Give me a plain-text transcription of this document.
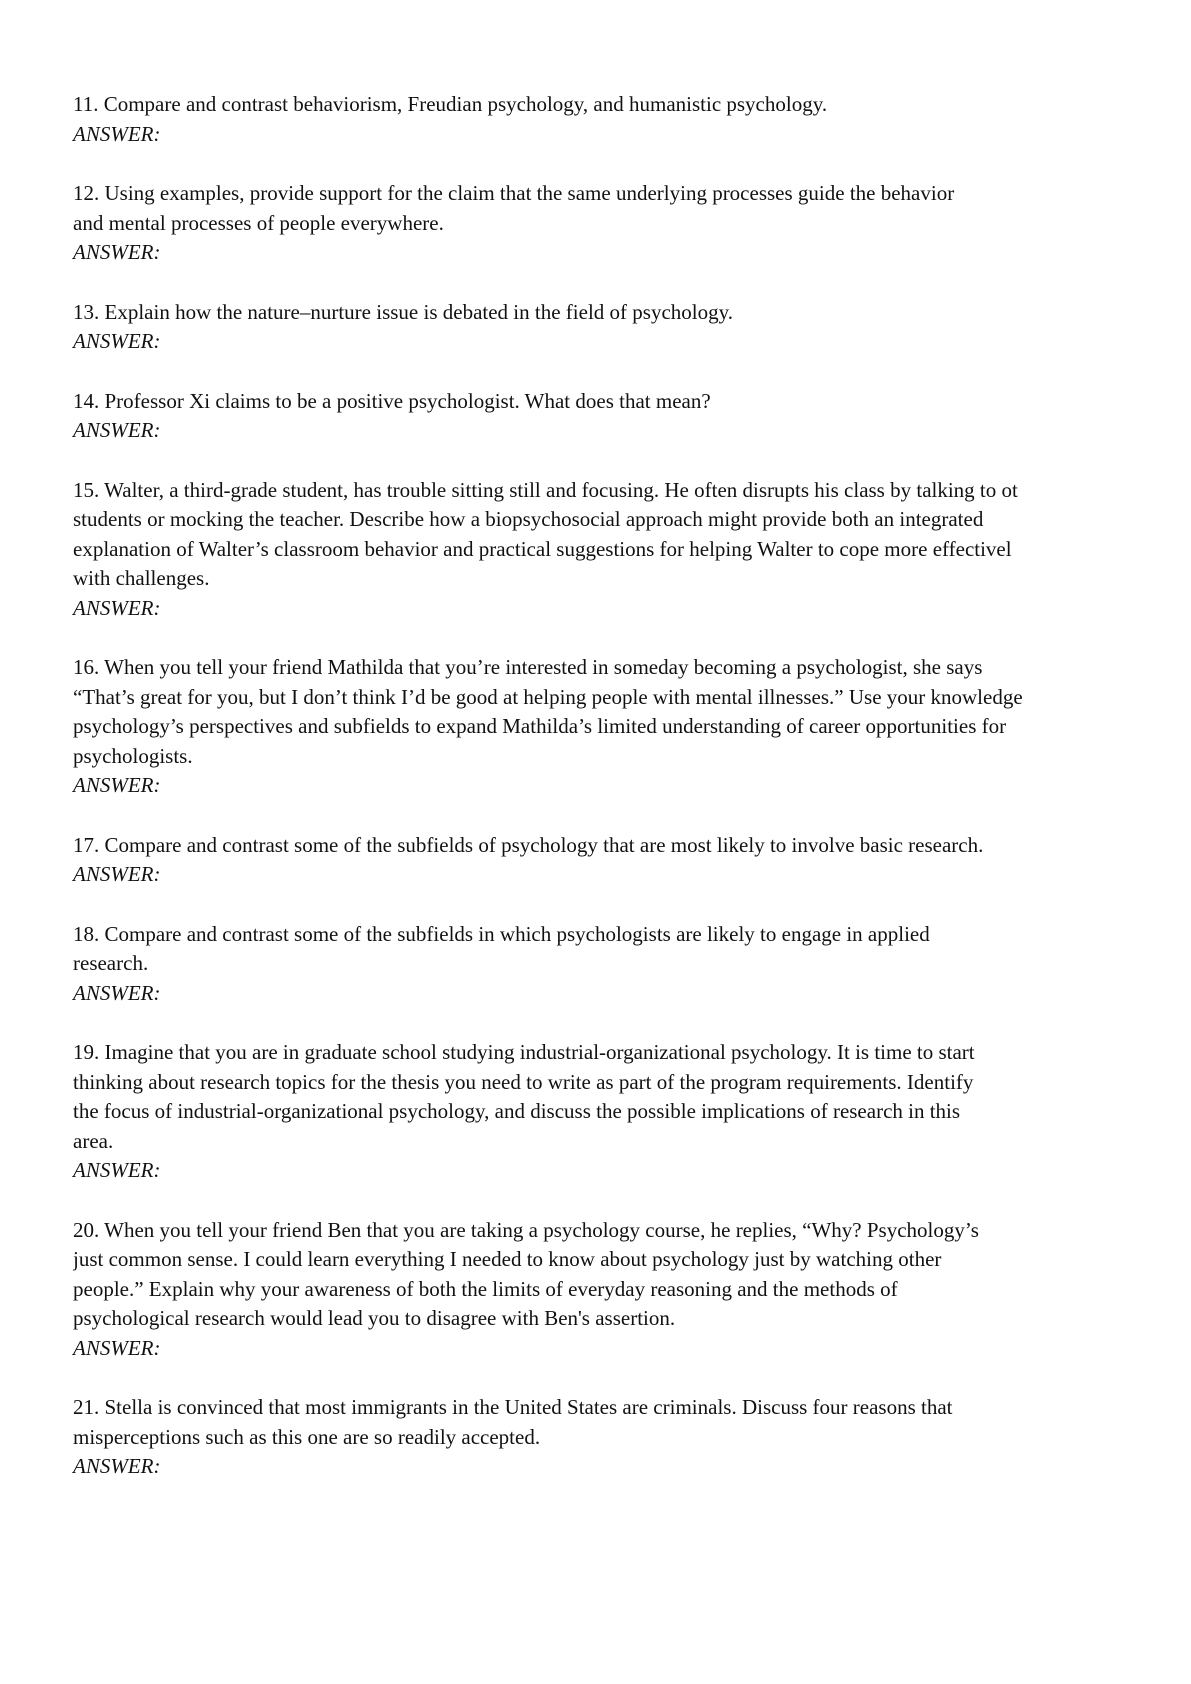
11. Compare and contrast behaviorism, Freudian psychology, and humanistic psychology.
ANSWER:
12. Using examples, provide support for the claim that the same underlying processes guide the behavior
and mental processes of people everywhere.
ANSWER:
13. Explain how the nature–nurture issue is debated in the field of psychology.
ANSWER:
14. Professor Xi claims to be a positive psychologist. What does that mean?
ANSWER:
15. Walter, a third-grade student, has trouble sitting still and focusing. He often disrupts his class by talking to ot
students or mocking the teacher. Describe how a biopsychosocial approach might provide both an integrated
explanation of Walter’s classroom behavior and practical suggestions for helping Walter to cope more effectivel
with challenges.
ANSWER:
16. When you tell your friend Mathilda that you’re interested in someday becoming a psychologist, she says
“That’s great for you, but I don’t think I’d be good at helping people with mental illnesses.” Use your knowledge
psychology’s perspectives and subfields to expand Mathilda’s limited understanding of career opportunities for
psychologists.
ANSWER:
17. Compare and contrast some of the subfields of psychology that are most likely to involve basic research.
ANSWER:
18. Compare and contrast some of the subfields in which psychologists are likely to engage in applied
research.
ANSWER:
19. Imagine that you are in graduate school studying industrial-organizational psychology. It is time to start
thinking about research topics for the thesis you need to write as part of the program requirements. Identify
the focus of industrial-organizational psychology, and discuss the possible implications of research in this
area.
ANSWER:
20. When you tell your friend Ben that you are taking a psychology course, he replies, “Why? Psychology’s
just common sense. I could learn everything I needed to know about psychology just by watching other
people.” Explain why your awareness of both the limits of everyday reasoning and the methods of
psychological research would lead you to disagree with Ben's assertion.
ANSWER:
21. Stella is convinced that most immigrants in the United States are criminals. Discuss four reasons that
misperceptions such as this one are so readily accepted.
ANSWER:
